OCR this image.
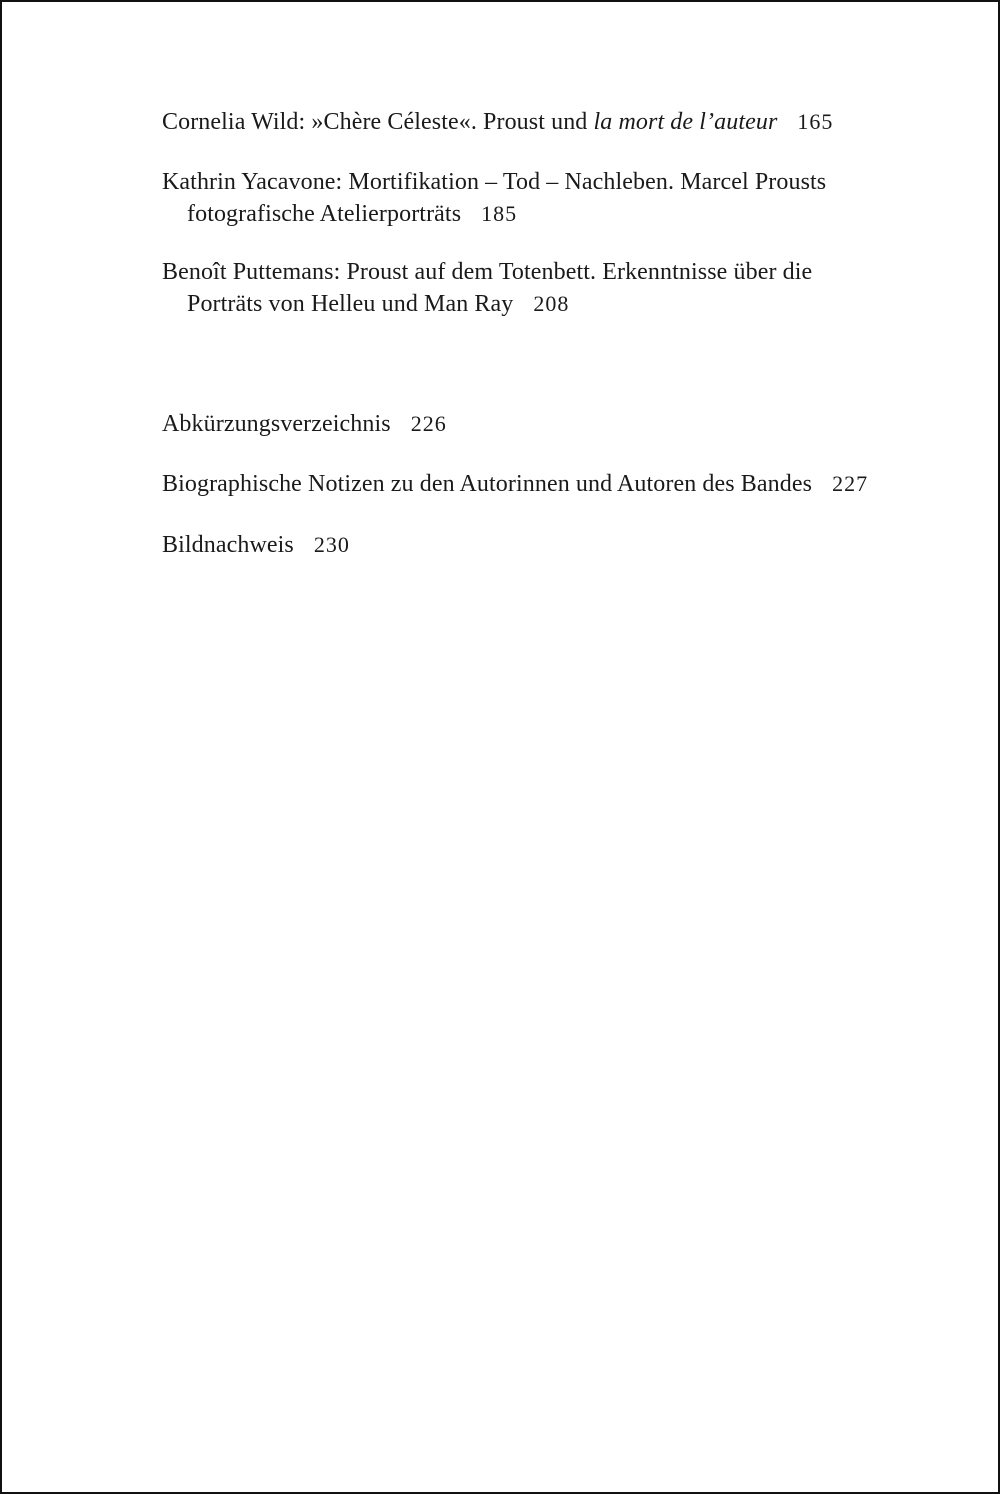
Cornelia Wild: »Chère Céleste«. Proust und la mort de l’auteur 165
Kathrin Yacavone: Mortifikation – Tod – Nachleben. Marcel Prousts
fotografische Atelierporträts 185
Benoît Puttemans: Proust auf dem Totenbett. Erkenntnisse über die
Porträts von Helleu und Man Ray 208
Abkürzungsverzeichnis 226
Biographische Notizen zu den Autorinnen und Autoren des Bandes 227
Bildnachweis 230
